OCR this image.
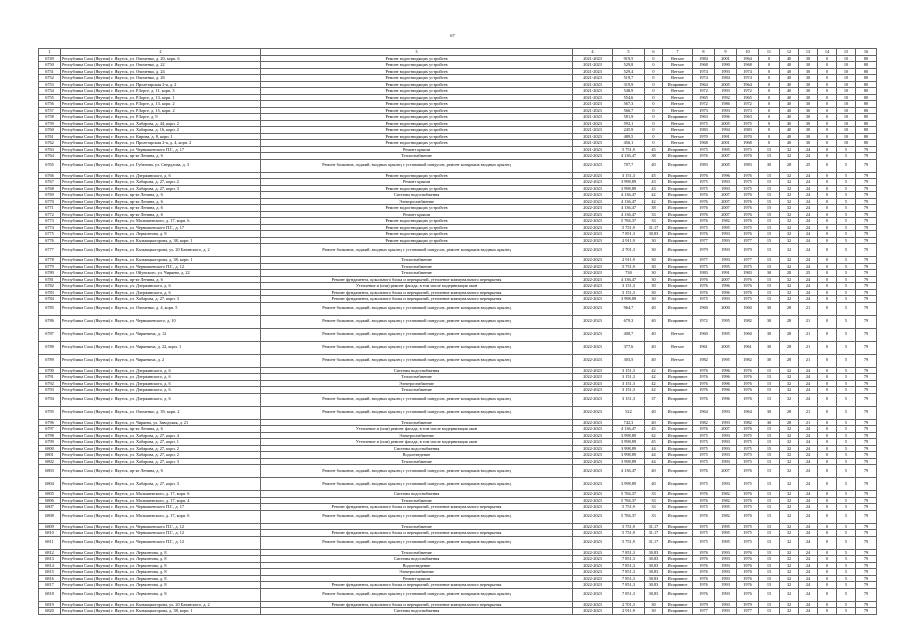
67
1	2	3	4	5	6	7	8	9	10	11	12	13	14	15	16
6749	Республика Саха (Якутия) г. Якутск, ул. Очиченко, д. 20, корп. 6	Ремонт водоотводящих устройств	2021-2023	919,5	0	Ветхое	1984	2001	1964	0	40	30	0	10	80
6750	Республика Саха (Якутия) г. Якутск, ул. Очиченко, д. 22	Ремонт водоотводящих устройств	2021-2023	529,8	0	Ветхое	1968	1990	1968	0	40	30	0	10	80
6751	Республика Саха (Якутия) г. Якутск, ул. Очиченко, д. 24	Ремонт водоотводящих устройств	2021-2023	529,4	0	Ветхое	1974	1993	1974	0	40	30	0	10	80
6752	Республика Саха (Якутия) г. Якутск, ул. Очиченко, д. 26	Ремонт водоотводящих устройств	2021-2023	519,7	0	Ветхое	1974	1984	1974	0	40	30	0	10	80
6753	Республика Саха (Якутия) г. Якутск, ул. Пролетарская 2-я, д. 2	Ремонт водоотводящих устройств	2021-2023	319,9	0	Исправное	1964	2005	1964	0	40	30	0	10	80
6754	Республика Саха (Якутия) г. Якутск, ул. Р.Зорге, д. 11, корп. 3	Ремонт водоотводящих устройств	2021-2023	548,9	0	Ветхое	1972	1993	1972	0	40	30	0	10	80
6755	Республика Саха (Якутия) г. Якутск, ул. Р.Зорге, д. 13, корп. 1	Ремонт водоотводящих устройств	2021-2023	554,6	0	Ветхое	1965	1992	1965	0	40	30	0	10	80
6756	Республика Саха (Якутия) г. Якутск, ул. Р.Зорге, д. 13, корп. 2	Ремонт водоотводящих устройств	2021-2023	567,3	0	Ветхое	1972	1986	1972	0	40	30	0	10	80
6757	Республика Саха (Якутия) г. Якутск, ул. Р.Зорге, д. 15, корп. 2	Ремонт водоотводящих устройств	2021-2023	566,7	0	Ветхое	1973	1993	1973	0	40	30	0	10	80
6758	Республика Саха (Якутия) г. Якутск, ул. Р.Зорге, д. 9	Ремонт водоотводящих устройств	2021-2023	581,9	0	Исправное	1963	1996	1963	0	40	30	0	10	80
6759	Республика Саха (Якутия) г. Якутск, ул. Хабарова, д. 44, корп. 2	Ремонт водоотводящих устройств	2021-2023	592,1	0	Ветхое	1975	2005	1975	0	40	30	0	10	80
6760	Республика Саха (Якутия) г. Якутск, ул. Хабарова, д. 16, корп. 2	Ремонт водоотводящих устройств	2021-2023	245,9	0	Ветхое	1983	1994	1983	0	40	30	0	10	80
6761	Республика Саха (Якутия) г. Якутск, ул. Кирова, д. 8, корп. 1	Ремонт водоотводящих устройств	2021-2023	489,5	0	Ветхое	1970	1991	1970	0	40	30	0	10	80
6762	Республика Саха (Якутия) г. Якутск, ул. Пролетарская 2-я, д. 4, корп. 2	Ремонт водоотводящих устройств	2021-2023	456,1	0	Ветхое	1968	2001	1968	0	40	30	0	10	80
6763	Республика Саха (Якутия) г. Якутск, ул. Чернышевского П.Г., д. 17	Ремонт крыши	2021-2023	5 751,9	45	Исправное	1975	1995	1975	15	32	24	0	5	79
6764	Республика Саха (Якутия) г. Якутск, пр-кт Ленина, д. 6	Теплоснабжение	2022-2023	4 136,47	38	Исправное	1976	2007	1976	15	32	24	0	5	79
6765	Республика Саха (Якутия) г. Якутск, ул. Губанова, ул. Свердлова, д. 3	Ремонт балконов, лоджий, входных крылец с установкой пандусов, ремонт козырьков входных крылец	2022-2023	707,7	40	Исправное	1983	2005	1983	30	28	25	0	5	79
6766	Республика Саха (Якутия) г. Якутск, ул. Дзержинского, д. 6	Ремонт водоотводящих устройств	2022-2023	3 151,3	45	Исправное	1976	1996	1976	15	32	24	0	5	79
6767	Республика Саха (Якутия) г. Якутск, ул. Хабарова, д. 27, корп. 2	Ремонт крыши	2022-2023	3 998,89	43	Исправное	1975	1993	1975	15	32	24	0	5	79
6768	Республика Саха (Якутия) г. Якутск, ул. Хабарова, д. 27, корп. 3	Ремонт водоотводящих устройств	2022-2023	3 998,89	43	Исправное	1975	1993	1975	15	32	24	0	5	79
6769	Республика Саха (Якутия) г. Якутск, пр-кт Ленина, д. 6	Системы водоснабжения	2022-2023	4 136,47	42	Исправное	1976	2007	1976	15	32	24	0	5	79
6770	Республика Саха (Якутия) г. Якутск, пр-кт Ленина, д. 6	Электроснабжение	2022-2023	4 136,47	42	Исправное	1976	2007	1976	15	32	24	0	5	79
6771	Республика Саха (Якутия) г. Якутск, пр-кт Ленина, д. 6	Ремонт водоотводящих устройств	2022-2023	4 136,47	38	Исправное	1976	2007	1976	15	32	24	0	5	79
6772	Республика Саха (Якутия) г. Якутск, пр-кт Ленина, д. 6	Ремонт крыши	2022-2023	4 136,47	33	Исправное	1976	2007	1976	15	32	24	0	5	79
6773	Республика Саха (Якутия) г. Якутск, ул. Малышевского, д. 17, корп. 6	Ремонт водоотводящих устройств	2022-2023	5 784,37	33	Исправное	1976	1982	1976	15	32	24	0	5	79
6774	Республика Саха (Якутия) г. Якутск, ул. Чернышевского П.Г., д. 17	Ремонт водоотводящих устройств	2022-2023	5 751,9	31,17	Исправное	1975	1995	1975	15	32	24	0	5	79
6775	Республика Саха (Якутия) г. Якутск, ул. Лермонтова, д. 8	Ремонт водоотводящих устройств	2022-2023	7 851,3	30,83	Исправное	1976	1993	1976	15	32	24	0	5	79
6776	Республика Саха (Якутия) г. Якутск, ул. Кальвацкогорова, д. 38, корп. 1	Ремонт водоотводящих устройств	2022-2023	2 911,9	30	Исправное	1977	1993	1977	15	32	24	0	5	79
6777	Республика Саха (Якутия) г. Якутск, ул. Кальвацкогорова, ул. 20 Бачанского, д. 2	Ремонт балконов, лоджий, входных крылец с установкой пандусов, ремонт козырьков входных крылец	2022-2023	2 701,3	30	Исправное	1979	1993	1979	15	32	24	0	5	79
6778	Республика Саха (Якутия) г. Якутск, ул. Кальвацкогорова, д. 38, корп. 1	Теплоснабжение	2022-2023	2 911,9	30	Исправное	1977	1993	1977	15	32	24	0	5	79
6779	Республика Саха (Якутия) г. Якутск, ул. Чернышевского П.Г., д. 12	Теплоснабжение	2022-2023	5 751,9	30	Исправное	1975	1995	1975	15	32	24	0	5	79
6780	Республика Саха (Якутия) г. Якутск, ул. Ойунского, ул. Чиряева, д. 22	Теплоснабжение	2022-2023	730	30	Исправное	1983	1991	1983	30	28	25	0	5	79
6781	Республика Саха (Якутия) г. Якутск, пр-кт Ленина, д. 6	Ремонт фундамента, цокольного блока и перекрытий, утепление коммунального перекрытия	2022-2023	4 136,47	30	Исправное	1976	2007	1976	15	32	24	0	5	79
6782	Республика Саха (Якутия) г. Якутск, ул. Дзержинского, д. 6	Утепление и (или) ремонт фасада, в том числе модернизация окон	2022-2023	3 151,3	30	Исправное	1976	1996	1976	15	32	24	0	5	79
6783	Республика Саха (Якутия) г. Якутск, ул. Дзержинского, д. 6	Ремонт фундамента, цокольного блока и перекрытий, утепление коммунального перекрытия	2022-2023	3 151,3	30	Исправное	1976	1996	1976	15	32	24	0	5	79
6784	Республика Саха (Якутия) г. Якутск, ул. Хабарова, д. 27, корп. 3	Ремонт фундамента, цокольного блока и перекрытий, утепление коммунального перекрытия	2022-2023	3 998,89	30	Исправное	1975	1993	1975	15	32	24	0	5	79
6785	Республика Саха (Якутия) г. Якутск, ул. Очиченко, д. 4, корп. 5	Ремонт балконов, лоджий, входных крылец с установкой пандусов, ремонт козырьков входных крылец	2022-2023	964,7	40	Исправное	1960	2000	1960	30	28	21	0	5	79
6786	Республика Саха (Якутия) г. Якутск, ул. Чернышевского, д. 10	Ремонт балконов, лоджий, входных крылец с установкой пандусов, ремонт козырьков входных крылец	2022-2023	679,3	40	Исправное	1972	1995	1982	30	28	21	0	5	79
6787	Республика Саха (Якутия) г. Якутск, ул. Чиряевича, д. 12	Ремонт балконов, лоджий, входных крылец с установкой пандусов, ремонт козырьков входных крылец	2022-2023	408,7	40	Ветхое	1960	1995	1960	30	28	21	0	5	79
6788	Республика Саха (Якутия) г. Якутск, ул. Чиряевича, д. 22, корп. 1	Ремонт балконов, лоджий, входных крылец с установкой пандусов, ремонт козырьков входных крылец	2022-2023	377,6	40	Ветхое	1961	2005	1961	30	28	21	0	5	79
6789	Республика Саха (Якутия) г. Якутск, ул. Чиряевича, д. 2	Ремонт балконов, лоджий, входных крылец с установкой пандусов, ремонт козырьков входных крылец	2022-2023	303,5	40	Ветхое	1982	1995	1982	30	28	21	0	5	79
6790	Республика Саха (Якутия) г. Якутск, ул. Дзержинского, д. 6	Системы водоснабжения	2022-2023	3 151,3	42	Исправное	1976	1996	1976	15	32	24	0	5	79
6791	Республика Саха (Якутия) г. Якутск, ул. Дзержинского, д. 6	Теплоснабжение	2022-2023	3 151,3	42	Исправное	1976	1996	1976	15	32	24	0	5	79
6792	Республика Саха (Якутия) г. Якутск, ул. Дзержинского, д. 6	Электроснабжение	2022-2023	3 151,3	42	Исправное	1976	1996	1976	15	32	24	0	5	79
6793	Республика Саха (Якутия) г. Якутск, ул. Дзержинского, д. 6	Теплоснабжение	2022-2023	3 151,3	42	Исправное	1976	1996	1976	15	32	24	0	5	79
6794	Республика Саха (Якутия) г. Якутск, ул. Дзержинского, д. 6	Ремонт балконов, лоджий, входных крылец с установкой пандусов, ремонт козырьков входных крылец	2022-2023	3 151,3	37	Исправное	1976	1996	1976	15	32	24	0	5	79
6795	Республика Саха (Якутия) г. Якутск, ул. Очиченко, д. 39, корп. 2	Ремонт балконов, лоджий, входных крылец с установкой пандусов, ремонт козырьков входных крылец	2022-2023	522	40	Исправное	1964	1993	1964	30	28	21	0	5	79
6796	Республика Саха (Якутия) г. Якутск, ул. Чиряева, ул. Заводская, д. 21	Теплоснабжение	2022-2023	742,3	40	Исправное	1982	1993	1982	30	28	21	0	5	79
6797	Республика Саха (Якутия) г. Якутск, пр-кт Ленина, д. 6	Утепление и (или) ремонт фасада, в том числе модернизация окон	2022-2023	4 136,47	45	Исправное	1976	2007	1976	15	32	24	0	5	79
6798	Республика Саха (Якутия) г. Якутск, ул. Хабарова, д. 27, корп. 4	Электроснабжение	2022-2023	3 998,89	42	Исправное	1975	1993	1975	15	32	24	0	5	79
6799	Республика Саха (Якутия) г. Якутск, ул. Хабарова, д. 27, корп. 1	Утепление и (или) ремонт фасада, в том числе модернизация окон	2022-2023	3 998,89	45	Исправное	1975	1993	1975	15	32	24	0	5	79
6800	Республика Саха (Якутия) г. Якутск, ул. Хабарова, д. 27, корп. 2	Системы водоснабжения	2022-2023	3 998,89	44	Исправное	1975	1993	1975	15	32	24	0	5	79
6801	Республика Саха (Якутия) г. Якутск, ул. Хабарова, д. 27, корп. 2	Водоотведение	2022-2023	3 998,89	44	Исправное	1975	1993	1975	15	32	24	0	5	79
6802	Республика Саха (Якутия) г. Якутск, ул. Хабарова, д. 27, корп. 3	Теплоснабжение	2022-2023	3 998,89	44	Исправное	1975	1993	1975	15	32	24	0	5	79
6803	Республика Саха (Якутия) г. Якутск, пр-кт Ленина, д. 6	Ремонт балконов, лоджий, входных крылец с установкой пандусов, ремонт козырьков входных крылец	2022-2023	4 136,47	40	Исправное	1976	2007	1976	15	32	24	0	5	79
6804	Республика Саха (Якутия) г. Якутск, ул. Хабарова, д. 27, корп. 3	Ремонт балконов, лоджий, входных крылец с установкой пандусов, ремонт козырьков входных крылец	2022-2023	3 998,89	40	Исправное	1975	1993	1975	15	32	24	0	5	79
6805	Республика Саха (Якутия) г. Якутск, ул. Малышевского, д. 17, корп. 6	Системы водоснабжения	2022-2023	5 784,37	33	Исправное	1976	1982	1976	15	32	24	0	5	79
6806	Республика Саха (Якутия) г. Якутск, ул. Малышевского, д. 17, корп. 4	Теплоснабжение	2022-2023	5 784,37	33	Исправное	1976	1982	1976	15	32	24	0	5	79
6807	Республика Саха (Якутия) г. Якутск, ул. Чернышевского П.Г., д. 17	Ремонт фундамента, цокольного блока и перекрытий, утепление коммунального перекрытия	2022-2023	5 751,9	33	Исправное	1975	1995	1975	15	32	24	0	5	79
6808	Республика Саха (Якутия) г. Якутск, ул. Малышевского, д. 17, корп. 6	Ремонт балконов, лоджий, входных крылец с установкой пандусов, ремонт козырьков входных крылец	2022-2023	5 784,37	33	Исправное	1976	1982	1976	15	32	24	0	5	79
6809	Республика Саха (Якутия) г. Якутск, ул. Чернышевского П.Г., д. 12	Теплоснабжение	2022-2023	5 751,9	31,17	Исправное	1975	1995	1975	15	32	24	0	5	79
6810	Республика Саха (Якутия) г. Якутск, ул. Чернышевского П.Г., д. 12	Ремонт фундамента, цокольного блока и перекрытий, утепление коммунального перекрытия	2022-2023	5 751,9	31,17	Исправное	1975	1995	1975	15	32	24	0	5	79
6811	Республика Саха (Якутия) г. Якутск, ул. Чернышевского П.Г., д. 12	Ремонт балконов, лоджий, входных крылец с установкой пандусов, ремонт козырьков входных крылец	2022-2023	5 751,9	31,17	Исправное	1975	1995	1975	15	32	24	0	5	79
6812	Республика Саха (Якутия) г. Якутск, ул. Лермонтова, д. 8	Теплоснабжение	2022-2023	7 851,3	30,83	Исправное	1976	1993	1976	15	32	24	0	5	79
6813	Республика Саха (Якутия) г. Якутск, ул. Лермонтова, д. 8	Системы водоснабжения	2022-2023	7 851,3	30,83	Исправное	1976	1993	1976	15	32	24	0	5	79
6814	Республика Саха (Якутия) г. Якутск, ул. Лермонтова, д. 8	Водоотведение	2022-2023	7 851,3	30,83	Исправное	1976	1993	1976	15	32	24	0	5	79
6815	Республика Саха (Якутия) г. Якутск, ул. Лермонтова, д. 8	Электроснабжение	2022-2023	7 851,3	30,83	Исправное	1976	1993	1976	15	32	24	0	5	79
6816	Республика Саха (Якутия) г. Якутск, ул. Лермонтова, д. 8	Ремонт крыши	2022-2023	7 851,3	30,83	Исправное	1976	1993	1976	15	32	24	0	5	79
6817	Республика Саха (Якутия) г. Якутск, ул. Лермонтова, д. 8	Ремонт фундамента, цокольного блока и перекрытий, утепление коммунального перекрытия	2022-2023	7 851,3	30,83	Исправное	1976	1993	1976	15	32	24	0	5	79
6818	Республика Саха (Якутия) г. Якутск, ул. Лермонтова, д. 8	Ремонт балконов, лоджий, входных крылец с установкой пандусов, ремонт козырьков входных крылец	2022-2023	7 851,3	30,83	Исправное	1976	1993	1976	15	32	24	0	5	79
6819	Республика Саха (Якутия) г. Якутск, ул. Кальвацкогорова, ул. 20 Бачанского, д. 2	Ремонт фундамента, цокольного блока и перекрытий, утепление коммунального перекрытия	2022-2023	2 701,3	30	Исправное	1979	1993	1979	15	32	24	0	5	79
6820	Республика Саха (Якутия) г. Якутск, ул. Кальвацкогорова, д. 38, корп. 1	Системы водоснабжения	2022-2023	2 911,9	30	Исправное	1977	1993	1977	15	32	24	0	5	79
